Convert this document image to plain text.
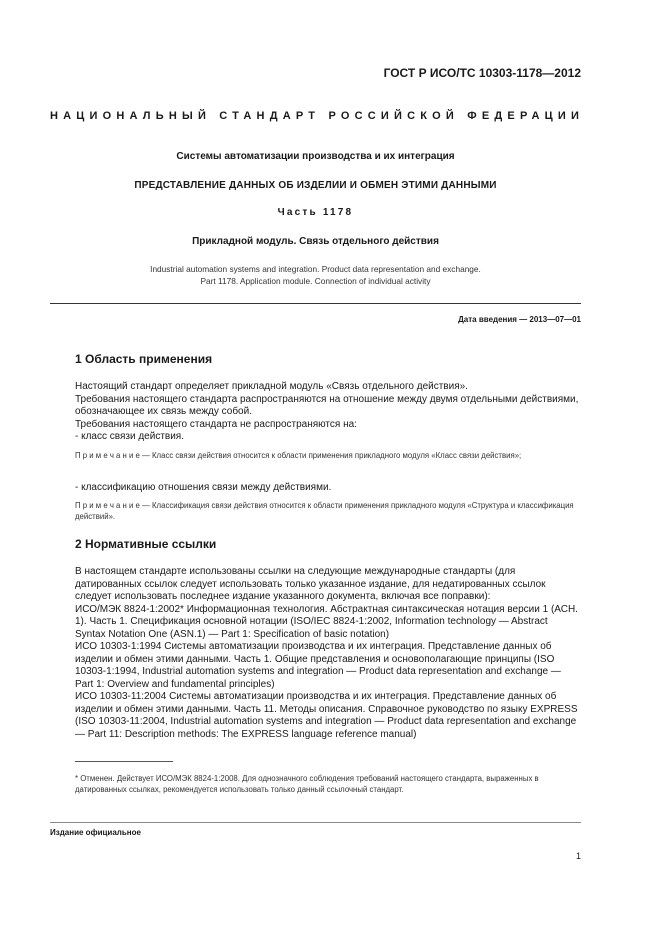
ГОСТ Р ИСО/ТС 10303-1178—2012
НАЦИОНАЛЬНЫЙ СТАНДАРТ РОССИЙСКОЙ ФЕДЕРАЦИИ
Системы автоматизации производства и их интеграция
ПРЕДСТАВЛЕНИЕ ДАННЫХ ОБ ИЗДЕЛИИ И ОБМЕН ЭТИМИ ДАННЫМИ
Часть 1178
Прикладной модуль. Связь отдельного действия
Industrial automation systems and integration. Product data representation and exchange.
Part 1178. Application module. Connection of individual activity
Дата введения — 2013—07—01
1 Область применения

Настоящий стандарт определяет прикладной модуль «Связь отдельного действия».

Требования настоящего стандарта распространяются на отношение между двумя отдельными действиями, обозначающее их связь между собой.

Требования настоящего стандарта не распространяются на:

- класс связи действия.

П р и м е ч а н и е — Класс связи действия относится к области применения прикладного модуля «Класс связи действия»;
- классификацию отношения связи между действиями.
П р и м е ч а н и е — Классификация связи действия относится к области применения прикладного модуля «Структура и классификация действий».
2 Нормативные ссылки

В настоящем стандарте использованы ссылки на следующие международные стандарты (для датированных ссылок следует использовать только указанное издание, для недатированных ссылок следует использовать последнее издание указанного документа, включая все поправки):

ИСО/МЭК 8824-1:2002* Информационная технология. Абстрактная синтаксическая нотация версии 1 (АСН. 1). Часть 1. Спецификация основной нотации (ISO/IEC 8824-1:2002, Information technology — Abstract Syntax Notation One (ASN.1) — Part 1: Specification of basic notation)

ИСО 10303-1:1994 Системы автоматизации производства и их интеграция. Представление данных об изделии и обмен этими данными. Часть 1. Общие представления и основополагающие принципы (ISO 10303-1:1994, Industrial automation systems and integration — Product data representation and exchange — Part 1: Overview and fundamental principles)

ИСО 10303-11:2004 Системы автоматизации производства и их интеграция. Представление данных об изделии и обмен этими данными. Часть 11. Методы описания. Справочное руководство по языку EXPRESS (ISO 10303-11:2004, Industrial automation systems and integration — Product data representation and exchange — Part 11: Description methods: The EXPRESS language reference manual)

* Отменен. Действует ИСО/МЭК 8824-1:2008. Для однозначного соблюдения требований настоящего стандарта, выраженных в датированных ссылках, рекомендуется использовать только данный ссылочный стандарт.
Издание официальное
1
